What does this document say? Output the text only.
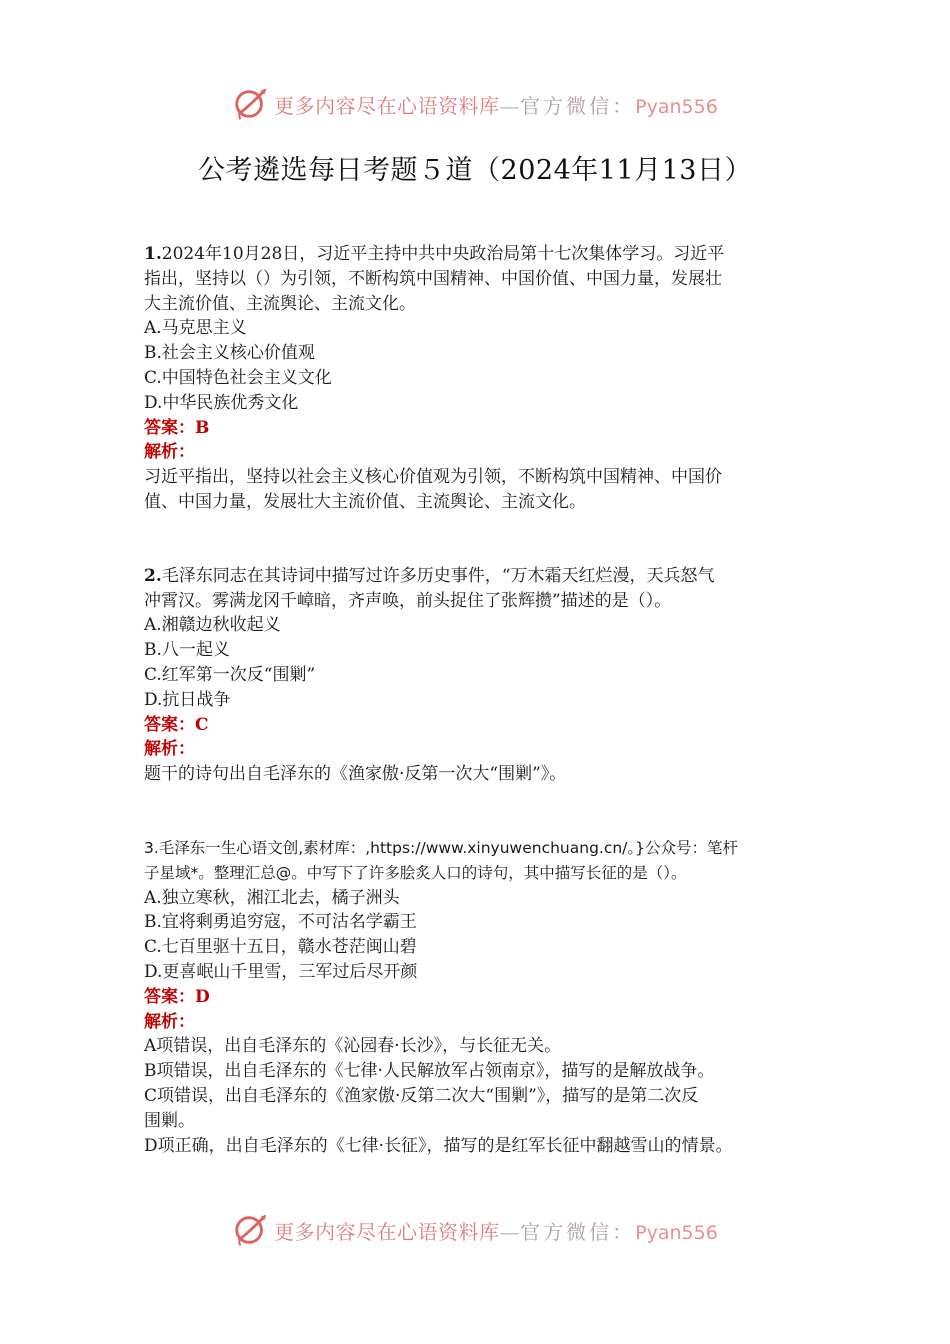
更多内容尽在心语资料库—官方微信：Pyan556
公考遴选每日考题５道（2024年11月13日）

1.2024年10月28日，习近平主持中共中央政治局第十七次集体学习。习近平

指出，坚持以（）为引领，不断构筑中国精神、中国价值、中国力量，发展壮

大主流价值、主流舆论、主流文化。

A.马克思主义

B.社会主义核心价值观

C.中国特色社会主义文化

D.中华民族优秀文化

答案：B

解析：

习近平指出，坚持以社会主义核心价值观为引领，不断构筑中国精神、中国价

值、中国力量，发展壮大主流价值、主流舆论、主流文化。

2.毛泽东同志在其诗词中描写过许多历史事件，“万木霜天红烂漫，天兵怒气

冲霄汉。雾满龙冈千嶂暗，齐声唤，前头捉住了张辉攒”描述的是（）。

A.湘赣边秋收起义

B.八一起义

C.红军第一次反“围剿”

D.抗日战争

答案：C

解析：

题干的诗句出自毛泽东的《渔家傲·反第一次大“围剿”》。

3.毛泽东一生心语文创,素材库：,https://www.xinyuwenchuang.cn/。}公众号：笔杆

子星域*。整理汇总@。中写下了许多脍炙人口的诗句，其中描写长征的是（）。

A.独立寒秋，湘江北去，橘子洲头

B.宜将剩勇追穷寇，不可沽名学霸王

C.七百里驱十五日，赣水苍茫闽山碧

D.更喜岷山千里雪，三军过后尽开颜

答案：D

解析：

A项错误，出自毛泽东的《沁园春·长沙》，与长征无关。

B项错误，出自毛泽东的《七律·人民解放军占领南京》，描写的是解放战争。

C项错误，出自毛泽东的《渔家傲·反第二次大“围剿”》，描写的是第二次反

围剿。

D项正确，出自毛泽东的《七律·长征》，描写的是红军长征中翻越雪山的情景。

更多内容尽在心语资料库—官方微信：Pyan556
